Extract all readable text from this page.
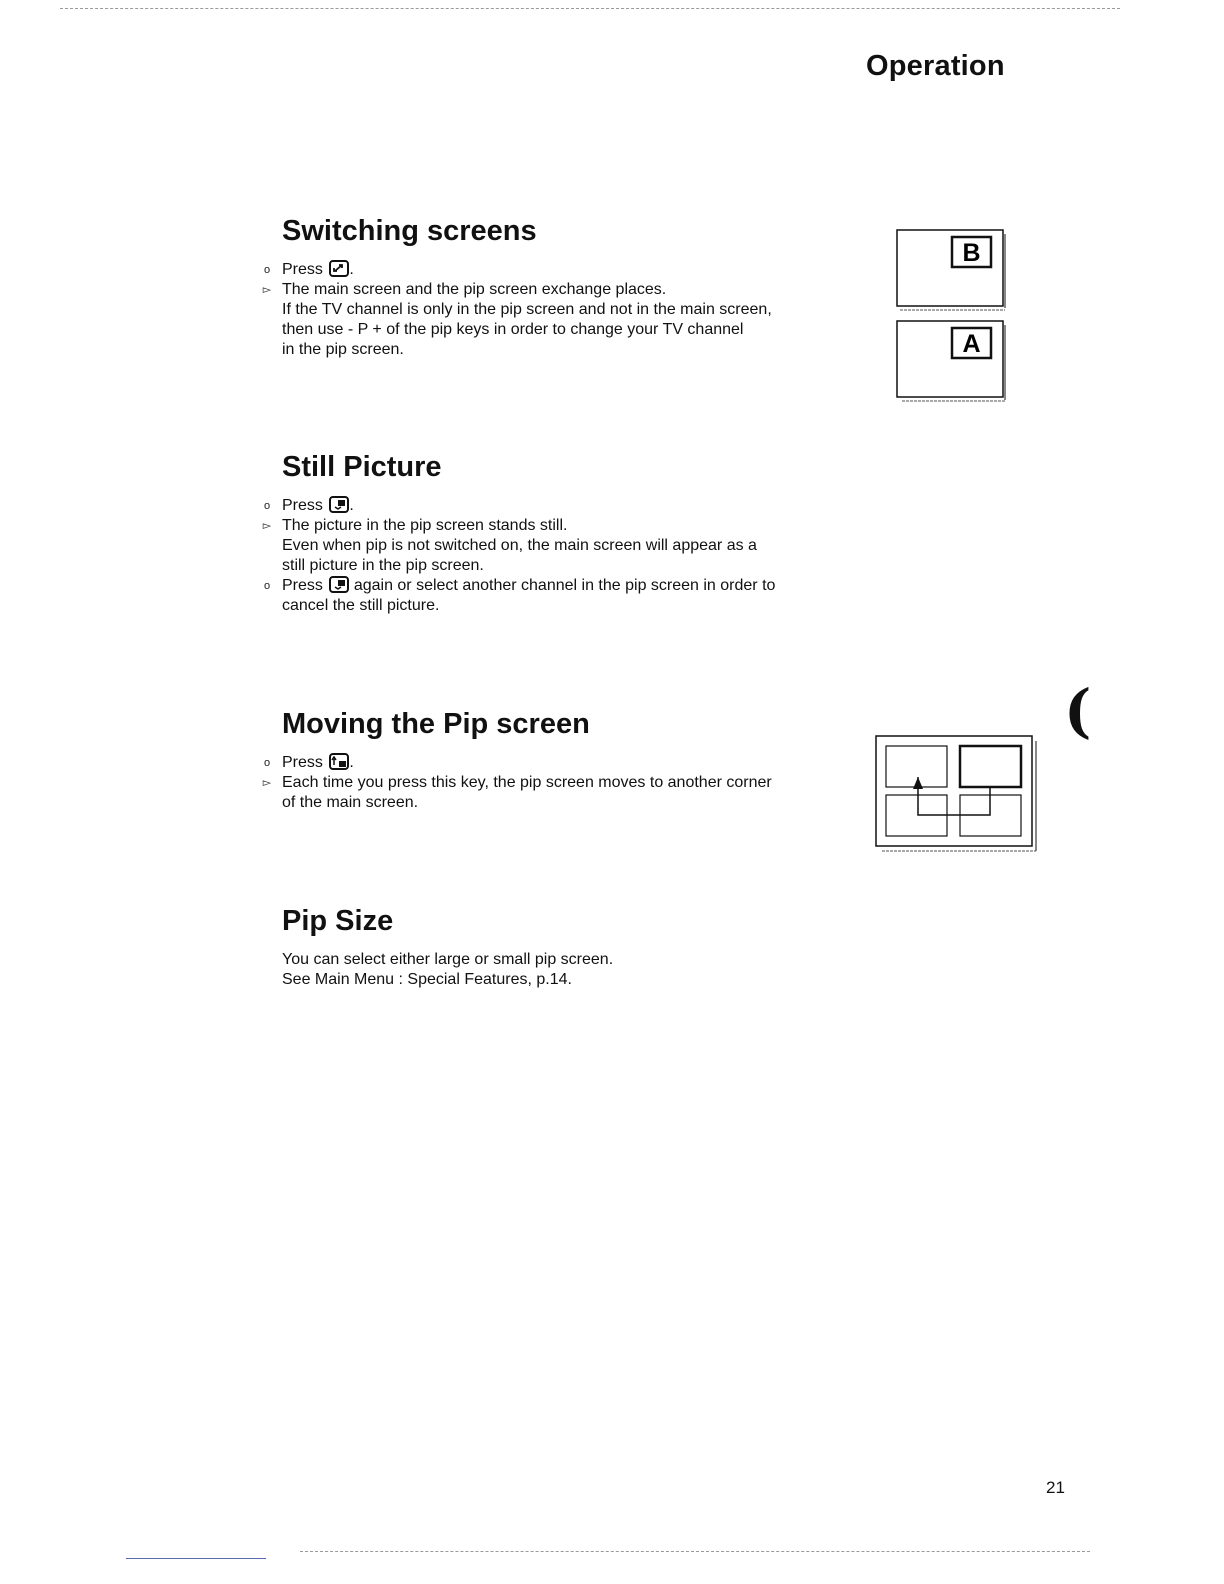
Operation
Switching screens
o Press .
▻ The main screen and the pip screen exchange places.
If the TV channel is only in the pip screen and not in the main screen,
then use - P + of the pip keys in order to change your TV channel
in the pip screen.
B
A
Still Picture
o Press .
▻ The picture in the pip screen stands still.
Even when pip is not switched on, the main screen will appear as a
still picture in the pip screen.
o Press again or select another channel in the pip screen in order to
cancel the still picture.
Moving the Pip screen
o Press .
▻ Each time you press this key, the pip screen moves to another corner
of the main screen.
(
Pip Size
You can select either large or small pip screen.
See Main Menu : Special Features, p.14.
21
